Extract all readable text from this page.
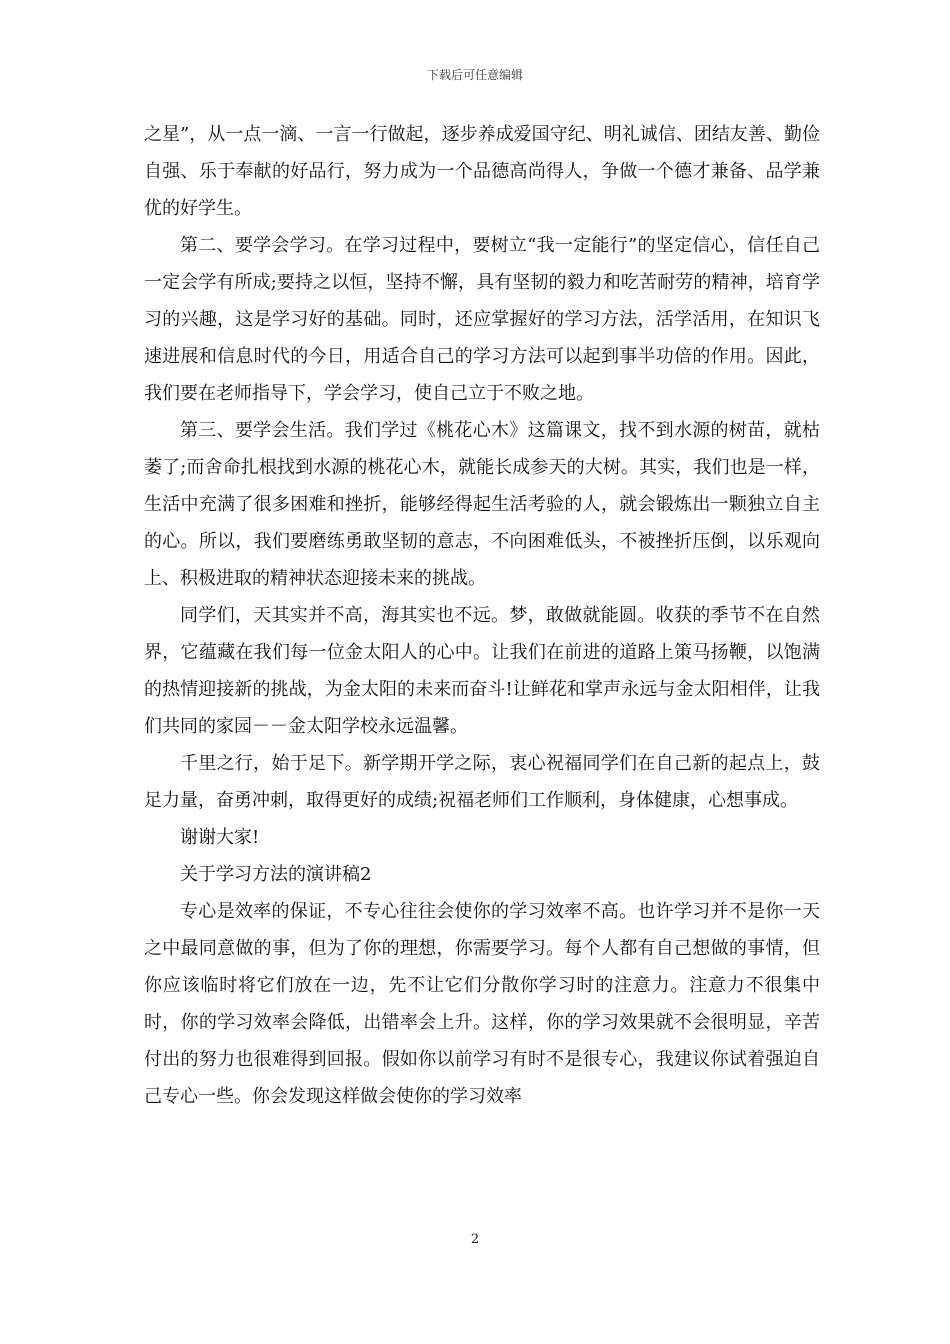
下载后可任意编辑

之星”，从一点一滴、一言一行做起，逐步养成爱国守纪、明礼诚信、团结友善、勤俭自强、乐于奉献的好品行，努力成为一个品德高尚得人，争做一个德才兼备、品学兼优的好学生。

第二、要学会学习。在学习过程中，要树立“我一定能行”的坚定信心，信任自己一定会学有所成;要持之以恒，坚持不懈，具有坚韧的毅力和吃苦耐劳的精神，培育学习的兴趣，这是学习好的基础。同时，还应掌握好的学习方法，活学活用，在知识飞速进展和信息时代的今日，用适合自己的学习方法可以起到事半功倍的作用。因此，我们要在老师指导下，学会学习，使自己立于不败之地。

第三、要学会生活。我们学过《桃花心木》这篇课文，找不到水源的树苗，就枯萎了;而舍命扎根找到水源的桃花心木，就能长成参天的大树。其实，我们也是一样，生活中充满了很多困难和挫折，能够经得起生活考验的人，就会锻炼出一颗独立自主的心。所以，我们要磨练勇敢坚韧的意志，不向困难低头，不被挫折压倒，以乐观向上、积极进取的精神状态迎接未来的挑战。

同学们，天其实并不高，海其实也不远。梦，敢做就能圆。收获的季节不在自然界，它蕴藏在我们每一位金太阳人的心中。让我们在前进的道路上策马扬鞭，以饱满的热情迎接新的挑战，为金太阳的未来而奋斗!让鲜花和掌声永远与金太阳相伴，让我们共同的家园－－金太阳学校永远温馨。

千里之行，始于足下。新学期开学之际，衷心祝福同学们在自己新的起点上，鼓足力量，奋勇冲刺，取得更好的成绩;祝福老师们工作顺利，身体健康，心想事成。

谢谢大家!

关于学习方法的演讲稿2

专心是效率的保证，不专心往往会使你的学习效率不高。也许学习并不是你一天之中最同意做的事，但为了你的理想，你需要学习。每个人都有自己想做的事情，但你应该临时将它们放在一边，先不让它们分散你学习时的注意力。注意力不很集中时，你的学习效率会降低，出错率会上升。这样，你的学习效果就不会很明显，辛苦付出的努力也很难得到回报。假如你以前学习有时不是很专心，我建议你试着强迫自己专心一些。你会发现这样做会使你的学习效率

2
